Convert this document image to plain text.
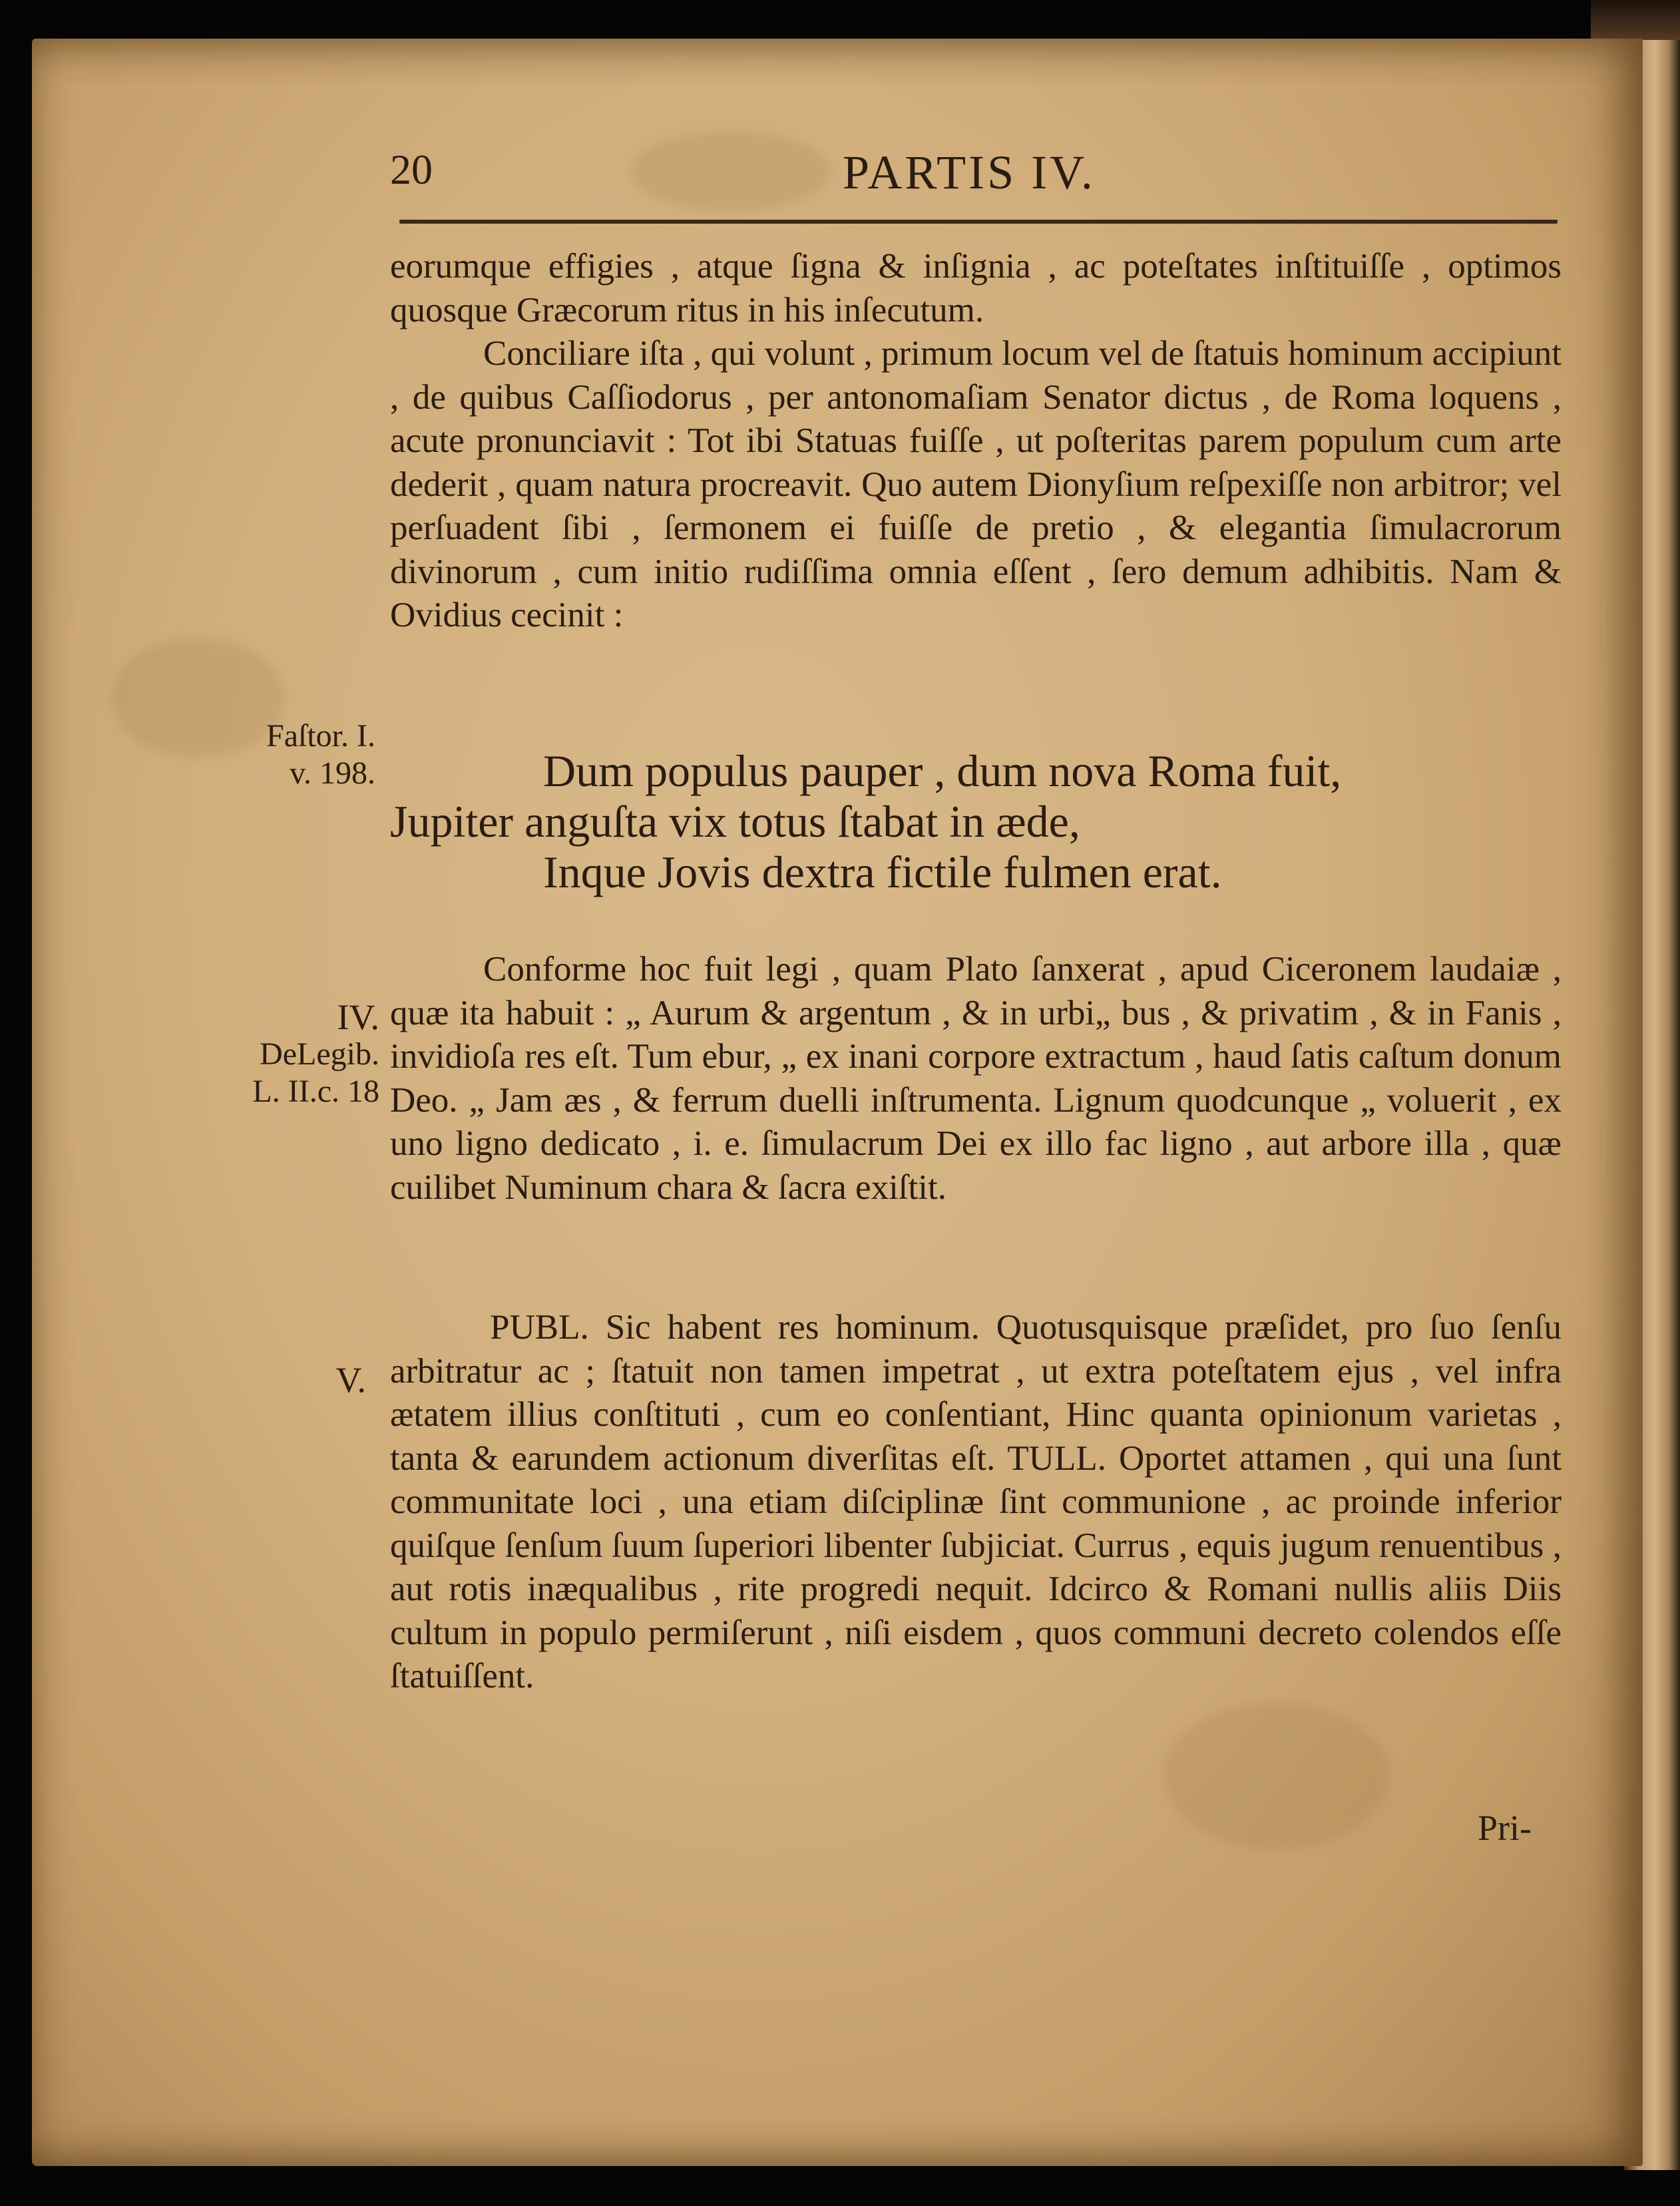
20	PARTIS IV.

eorumque effigies , atque ſigna & inſignia , ac poteſtates inſtituiſſe , optimos quosque Græcorum ritus in his inſecutum.

Conciliare iſta , qui volunt , primum locum vel de ſtatuis hominum accipiunt , de quibus Caſſiodorus , per antonomaſiam Senator dictus , de Roma loquens , acute pronunciavit : Tot ibi Statuas fuiſſe , ut poſteritas parem populum cum arte dederit , quam natura procreavit. Quo autem Dionyſium reſpexiſſe non arbitror; vel perſuadent ſibi , ſermonem ei fuiſſe de pretio , & elegantia ſimulacrorum divinorum , cum initio rudiſſima omnia eſſent , ſero demum adhibitis. Nam & Ovidius cecinit :

Dum populus pauper , dum nova Roma fuit,
Jupiter anguſta vix totus ſtabat in æde,
Inque Jovis dextra fictile fulmen erat.

Conforme hoc fuit legi , quam Plato ſanxerat , apud Ciceronem laudaiæ , quæ ita habuit : „ Aurum & argentum , & in urbi„ bus , & privatim , & in Fanis , invidioſa res eſt. Tum ebur, „ ex inani corpore extractum , haud ſatis caſtum donum Deo. „ Jam æs , & ferrum duelli inſtrumenta. Lignum quodcunque „ voluerit , ex uno ligno dedicato , i. e. ſimulacrum Dei ex illo fac ligno , aut arbore illa , quæ cuilibet Numinum chara & ſacra exiſtit.

PUBL. Sic habent res hominum. Quotusquisque præſidet, pro ſuo ſenſu arbitratur ac ; ſtatuit non tamen impetrat , ut extra poteſtatem ejus , vel infra ætatem illius conſtituti , cum eo conſentiant, Hinc quanta opinionum varietas , tanta & earundem actionum diverſitas eſt. TULL. Oportet attamen , qui una ſunt communitate loci , una etiam diſciplinæ ſint communione , ac proinde inferior quiſque ſenſum ſuum ſuperiori libenter ſubjiciat. Currus , equis jugum renuentibus , aut rotis inæqualibus , rite progredi nequit. Idcirco & Romani nullis aliis Diis cultum in populo permiſerunt , niſi eisdem , quos communi decreto colendos eſſe ſtatuiſſent.

Faſtor. I.
v. 198.
IV.
DeLegib.
L. II.c. 18
V.
Pri-
